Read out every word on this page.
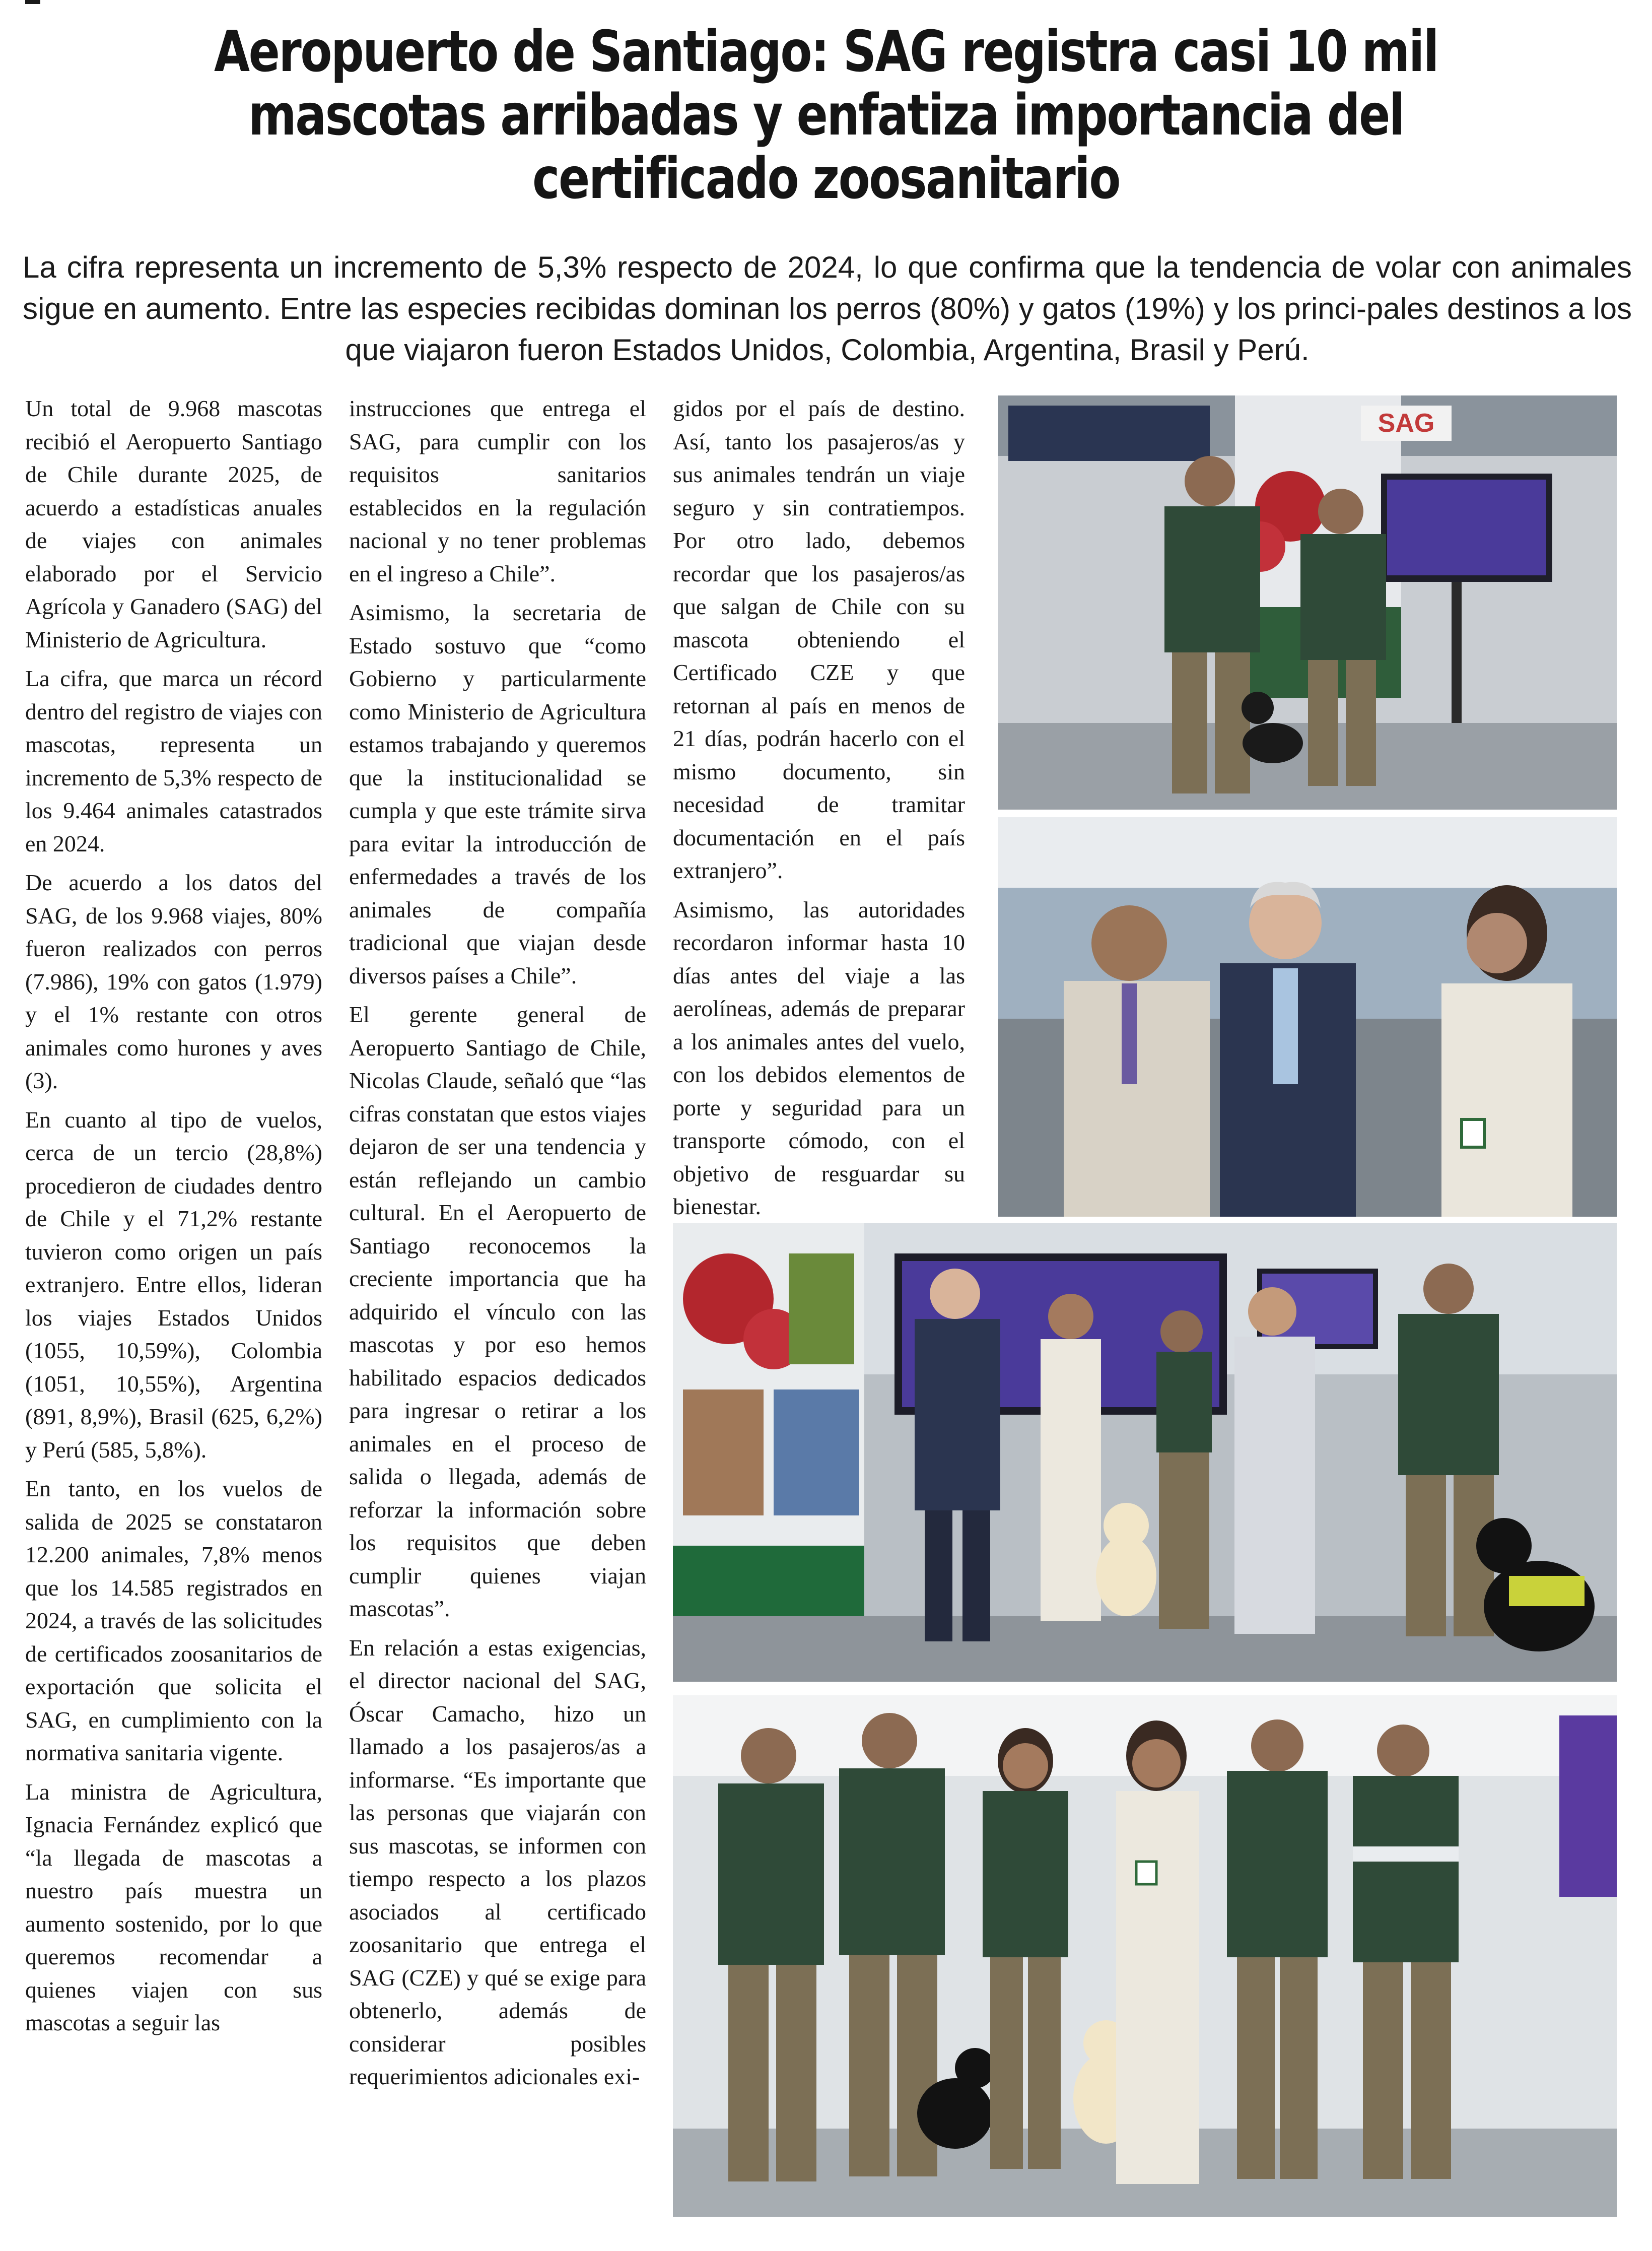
Aeropuerto de Santiago: SAG registra casi 10 mil mascotas arribadas y enfatiza importancia del certificado zoosanitario
La cifra representa un incremento de 5,3% respecto de 2024, lo que confirma que la tendencia de volar con animales sigue en aumento. Entre las especies recibidas dominan los perros (80%) y gatos (19%) y los princi-pales destinos a los que viajaron fueron Estados Unidos, Colombia, Argentina, Brasil y Perú.

Un total de 9.968 mascotas recibió el Aeropuerto Santiago de Chile durante 2025, de acuerdo a estadísticas anuales de viajes con animales elaborado por el Servicio Agrícola y Ganadero (SAG) del Ministerio de Agricultura.

La cifra, que marca un récord dentro del registro de viajes con mascotas, representa un incremento de 5,3% respecto de los 9.464 animales catastrados en 2024.

De acuerdo a los datos del SAG, de los 9.968 viajes, 80% fueron realizados con perros (7.986), 19% con gatos (1.979) y el 1% restante con otros animales como hurones y aves (3).

En cuanto al tipo de vuelos, cerca de un tercio (28,8%) procedieron de ciudades dentro de Chile y el 71,2% restante tuvieron como origen un país extranjero. Entre ellos, lideran los viajes Estados Unidos (1055, 10,59%), Colombia (1051, 10,55%), Argentina (891, 8,9%), Brasil (625, 6,2%) y Perú (585, 5,8%).

En tanto, en los vuelos de salida de 2025 se constataron 12.200 animales, 7,8% menos que los 14.585 registrados en 2024, a través de las solicitudes de certificados zoosanitarios de exportación que solicita el SAG, en cumplimiento con la normativa sanitaria vigente.

La ministra de Agricultura, Ignacia Fernández explicó que “la llegada de mascotas a nuestro país muestra un aumento sostenido, por lo que queremos recomendar a quienes viajen con sus mascotas a seguir las

instrucciones que entrega el SAG, para cumplir con los requisitos sanitarios establecidos en la regulación nacional y no tener problemas en el ingreso a Chile”.

Asimismo, la secretaria de Estado sostuvo que “como Gobierno y particularmente como Ministerio de Agricultura estamos trabajando y queremos que la institucionalidad se cumpla y que este trámite sirva para evitar la introducción de enfermedades a través de los animales de compañía tradicional que viajan desde diversos países a Chile”.

El gerente general de Aeropuerto Santiago de Chile, Nicolas Claude, señaló que “las cifras constatan que estos viajes dejaron de ser una tendencia y están reflejando un cambio cultural. En el Aeropuerto de Santiago reconocemos la creciente importancia que ha adquirido el vínculo con las mascotas y por eso hemos habilitado espacios dedicados para ingresar o retirar a los animales en el proceso de salida o llegada, además de reforzar la información sobre los requisitos que deben cumplir quienes viajan mascotas”.

En relación a estas exigencias, el director nacional del SAG, Óscar Camacho, hizo un llamado a los pasajeros/as a informarse. “Es importante que las personas que viajarán con sus mascotas, se informen con tiempo respecto a los plazos asociados al certificado zoosanitario que entrega el SAG (CZE) y qué se exige para obtenerlo, además de considerar posibles requerimientos adicionales exi-

gidos por el país de destino. Así, tanto los pasajeros/as y sus animales tendrán un viaje seguro y sin contratiempos. Por otro lado, debemos recordar que los pasajeros/as que salgan de Chile con su mascota obteniendo el Certificado CZE y que retornan al país en menos de 21 días, podrán hacerlo con el mismo documento, sin necesidad de tramitar documentación en el país extranjero”.

Asimismo, las autoridades recordaron informar hasta 10 días antes del viaje a las aerolíneas, además de preparar a los animales antes del vuelo, con los debidos elementos de porte y seguridad para un transporte cómodo, con el objetivo de resguardar su bienestar.

SAG
